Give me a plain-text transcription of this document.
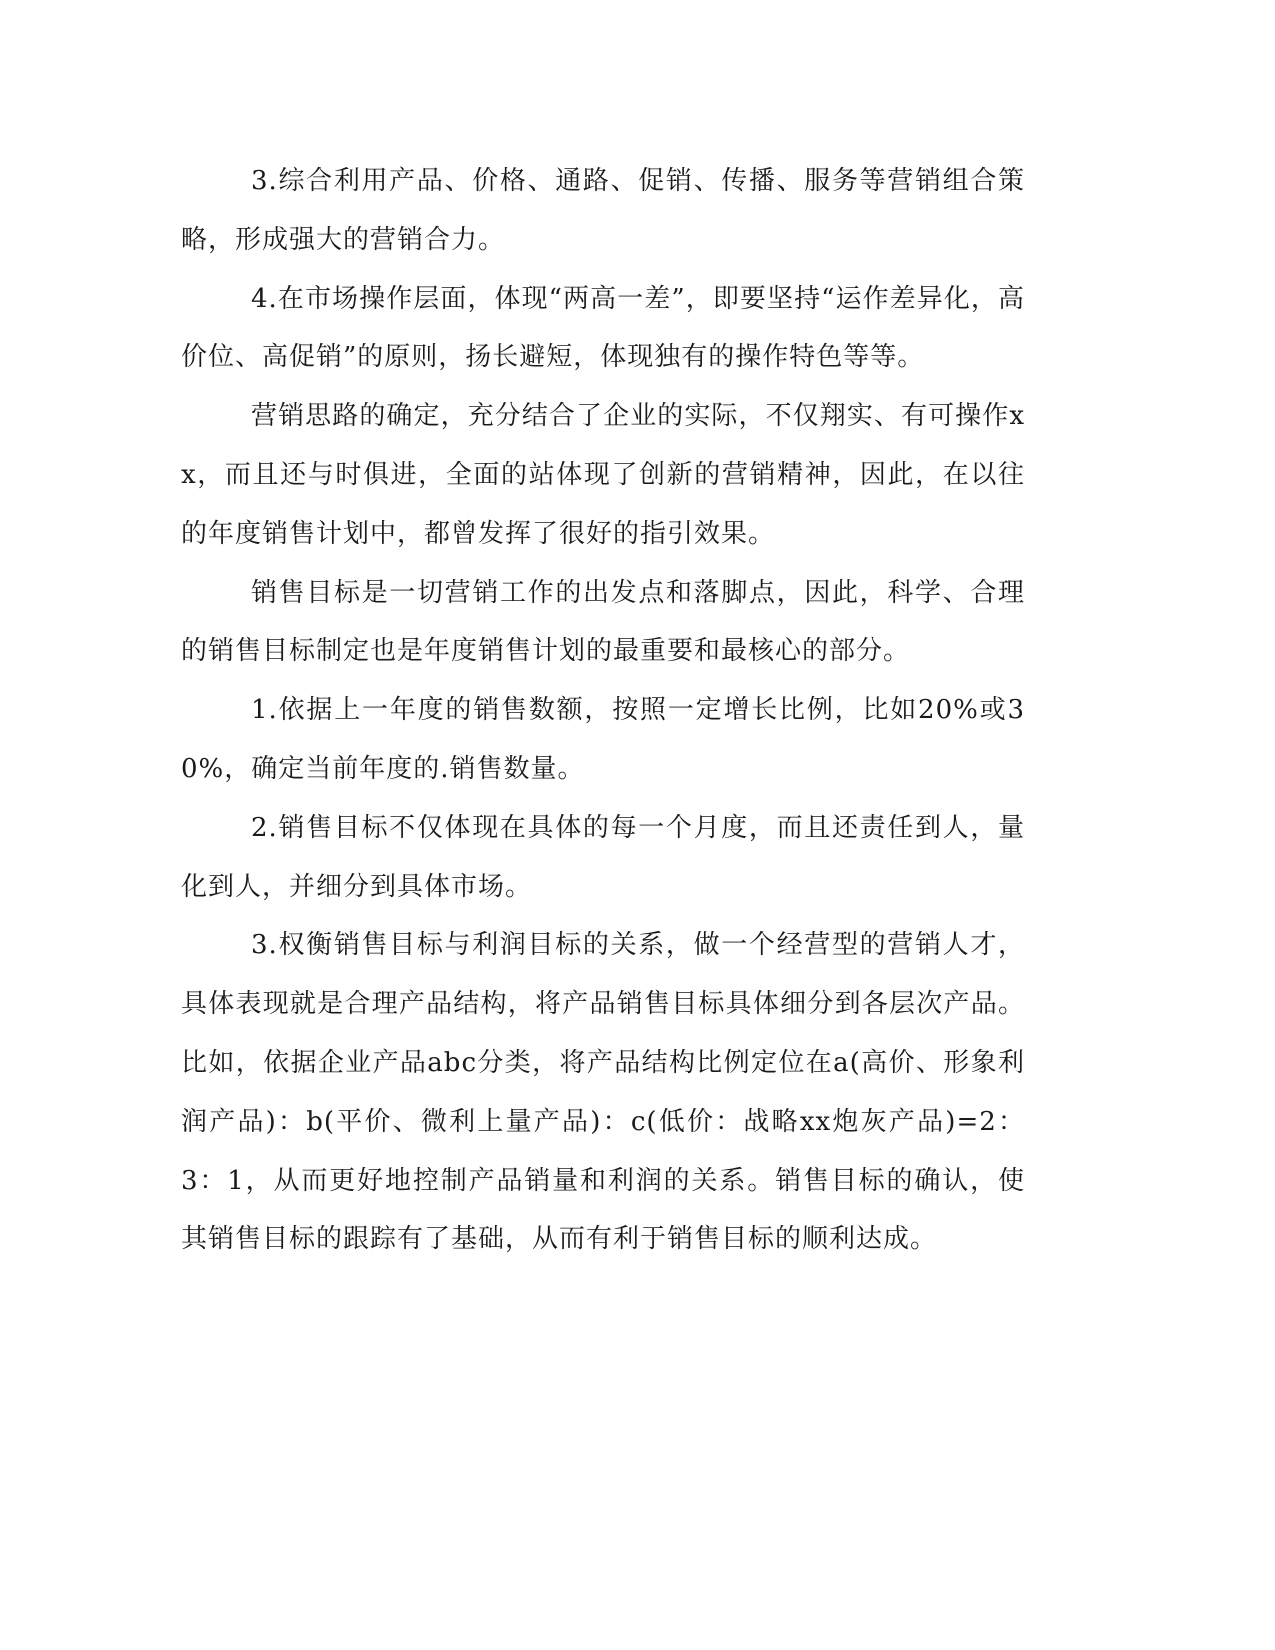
3.综合利用产品、价格、通路、促销、传播、服务等营销组合策略，形成强大的营销合力。

4.在市场操作层面，体现“两高一差”，即要坚持“运作差异化，高价位、高促销”的原则，扬长避短，体现独有的操作特色等等。

营销思路的确定，充分结合了企业的实际，不仅翔实、有可操作xx，而且还与时俱进，全面的站体现了创新的营销精神，因此，在以往的年度销售计划中，都曾发挥了很好的指引效果。

销售目标是一切营销工作的出发点和落脚点，因此，科学、合理的销售目标制定也是年度销售计划的最重要和最核心的部分。

1.依据上一年度的销售数额，按照一定增长比例，比如20%或30%，确定当前年度的.销售数量。

2.销售目标不仅体现在具体的每一个月度，而且还责任到人，量化到人，并细分到具体市场。

3.权衡销售目标与利润目标的关系，做一个经营型的营销人才，具体表现就是合理产品结构，将产品销售目标具体细分到各层次产品。比如，依据企业产品abc分类，将产品结构比例定位在a(高价、形象利润产品)：b(平价、微利上量产品)：c(低价：战略xx炮灰产品)=2：3：1，从而更好地控制产品销量和利润的关系。销售目标的确认，使其销售目标的跟踪有了基础，从而有利于销售目标的顺利达成。
